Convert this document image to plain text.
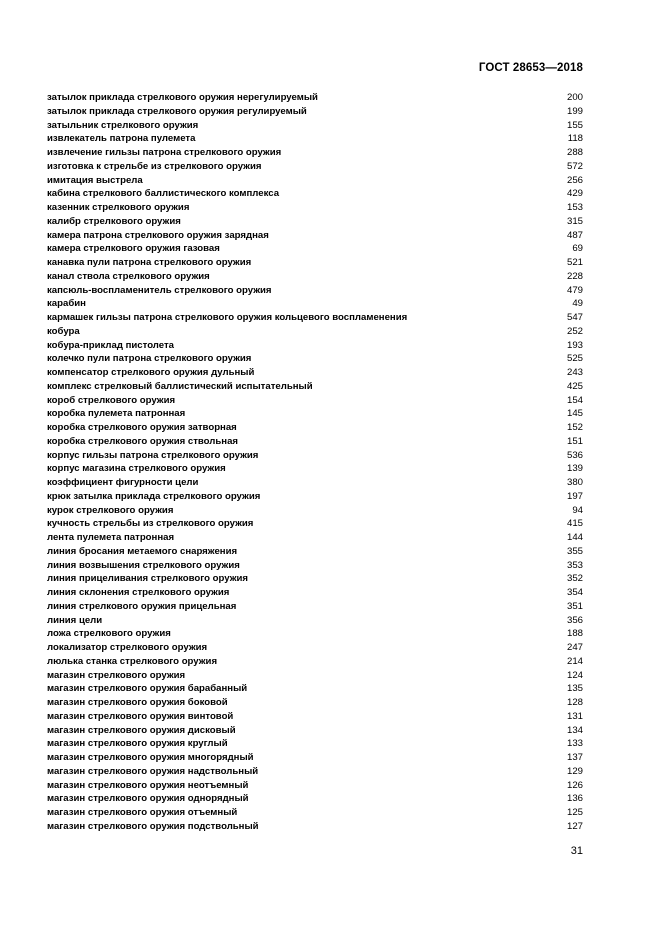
ГОСТ 28653—2018
затылок приклада стрелкового оружия нерегулируемый	200
затылок приклада стрелкового оружия регулируемый	199
затыльник стрелкового оружия	155
извлекатель патрона пулемета	118
извлечение гильзы патрона стрелкового оружия	288
изготовка к стрельбе из стрелкового оружия	572
имитация выстрела	256
кабина стрелкового баллистического комплекса	429
казенник стрелкового оружия	153
калибр стрелкового оружия	315
камера патрона стрелкового оружия зарядная	487
камера стрелкового оружия газовая	69
канавка пули патрона стрелкового оружия	521
канал ствола стрелкового оружия	228
капсюль-воспламенитель стрелкового оружия	479
карабин	49
кармашек гильзы патрона стрелкового оружия кольцевого воспламенения	547
кобура	252
кобура-приклад пистолета	193
колечко пули патрона стрелкового оружия	525
компенсатор стрелкового оружия дульный	243
комплекс стрелковый баллистический испытательный	425
короб стрелкового оружия	154
коробка пулемета патронная	145
коробка стрелкового оружия затворная	152
коробка стрелкового оружия ствольная	151
корпус гильзы патрона стрелкового оружия	536
корпус магазина стрелкового оружия	139
коэффициент фигурности цели	380
крюк затылка приклада стрелкового оружия	197
курок стрелкового оружия	94
кучность стрельбы из стрелкового оружия	415
лента пулемета патронная	144
линия бросания метаемого снаряжения	355
линия возвышения стрелкового оружия	353
линия прицеливания стрелкового оружия	352
линия склонения стрелкового оружия	354
линия стрелкового оружия прицельная	351
линия цели	356
ложа стрелкового оружия	188
локализатор стрелкового оружия	247
люлька станка стрелкового оружия	214
магазин стрелкового оружия	124
магазин стрелкового оружия барабанный	135
магазин стрелкового оружия боковой	128
магазин стрелкового оружия винтовой	131
магазин стрелкового оружия дисковый	134
магазин стрелкового оружия круглый	133
магазин стрелкового оружия многорядный	137
магазин стрелкового оружия надствольный	129
магазин стрелкового оружия неотъемный	126
магазин стрелкового оружия однорядный	136
магазин стрелкового оружия отъемный	125
магазин стрелкового оружия подствольный	127
31
